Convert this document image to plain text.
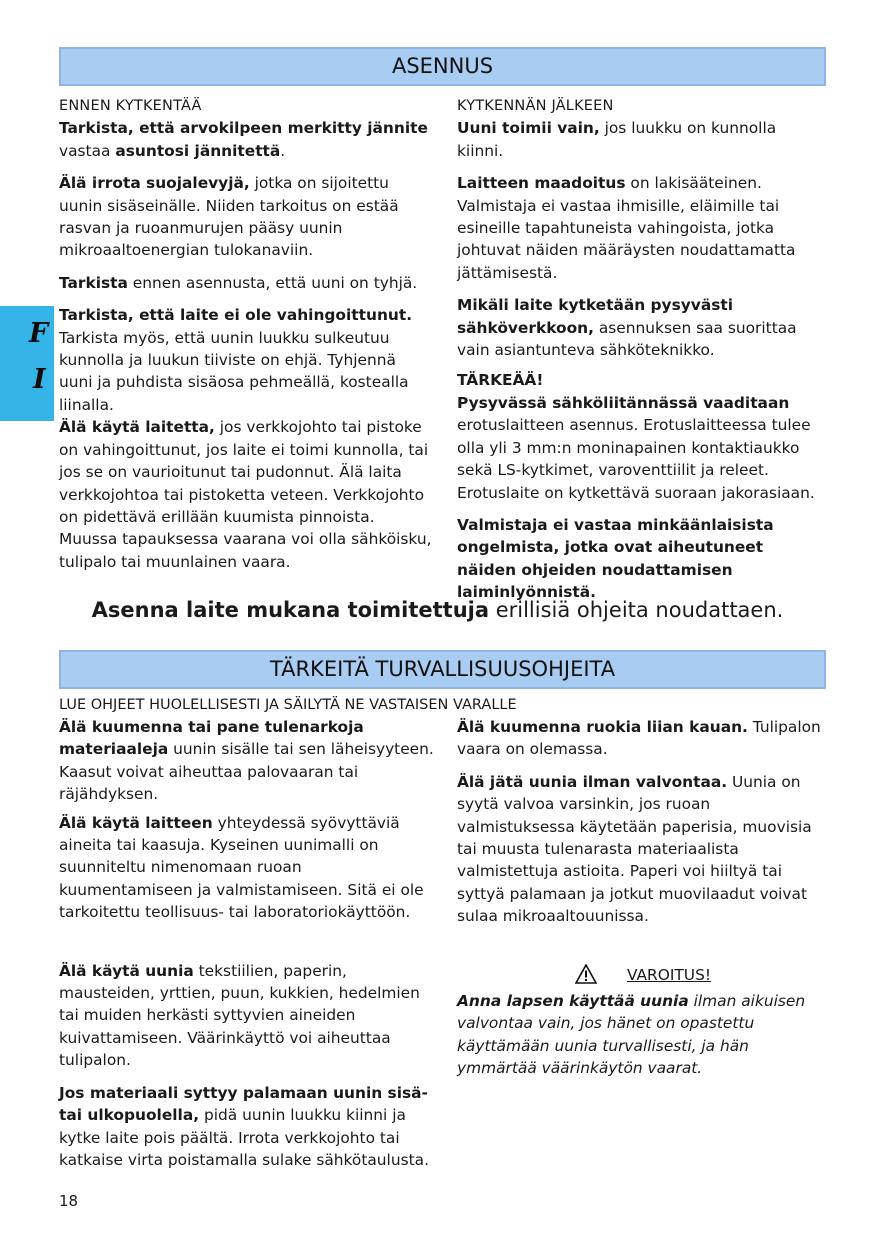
ASENNUS

ENNEN KYTKENTÄÄ

Tarkista, että arvokilpeen merkitty jännite
vastaa asuntosi jännitettä.

Älä irrota suojalevyjä, jotka on sijoitettu uunin sisäseinälle. Niiden tarkoitus on estää rasvan ja ruoanmurujen pääsy uunin mikroaaltoenergian tulokanaviin.

Tarkista ennen asennusta, että uuni on tyhjä.

Tarkista, että laite ei ole vahingoittunut. Tarkista myös, että uunin luukku sulkeutuu kunnolla ja luukun tiiviste on ehjä. Tyhjennä uuni ja puhdista sisäosa pehmeällä, kostealla liinalla.

Älä käytä laitetta, jos verkkojohto tai pistoke on vahingoittunut, jos laite ei toimi kunnolla, tai jos se on vaurioitunut tai pudonnut. Älä laita verkkojohtoa tai pistoketta veteen. Verkkojohto on pidettävä erillään kuumista pinnoista. Muussa tapauksessa vaarana voi olla sähköisku, tulipalo tai muunlainen vaara.

KYTKENNÄN JÄLKEEN

Uuni toimii vain, jos luukku on kunnolla kiinni.

Laitteen maadoitus on lakisääteinen. Valmistaja ei vastaa ihmisille, eläimille tai esineille tapahtuneista vahingoista, jotka johtuvat näiden määräysten noudattamatta jättämisestä.

Mikäli laite kytketään pysyvästi sähköverkkoon, asennuksen saa suorittaa vain asiantunteva sähköteknikko.

TÄRKEÄÄ!

Pysyvässä sähköliitännässä vaaditaan erotuslaitteen asennus. Erotuslaitteessa tulee olla yli 3 mm:n moninapainen kontaktiaukko sekä LS-kytkimet, varoventtiilit ja releet. Erotuslaite on kytkettävä suoraan jakorasiaan.

Valmistaja ei vastaa minkäänlaisista ongelmista, jotka ovat aiheutuneet näiden ohjeiden noudattamisen laiminlyönnistä.

F
I
Asenna laite mukana toimitettuja erillisiä ohjeita noudattaen.
TÄRKEITÄ TURVALLISUUSOHJEITA
LUE OHJEET HUOLELLISESTI JA SÄILYTÄ NE VASTAISEN VARALLE

Älä kuumenna tai pane tulenarkoja materiaaleja uunin sisälle tai sen läheisyyteen. Kaasut voivat aiheuttaa palovaaran tai räjähdyksen.

Älä käytä laitteen yhteydessä syövyttäviä aineita tai kaasuja. Kyseinen uunimalli on suunniteltu nimenomaan ruoan kuumentamiseen ja valmistamiseen. Sitä ei ole tarkoitettu teollisuus- tai laboratoriokäyttöön.

Älä käytä uunia tekstiilien, paperin, mausteiden, yrttien, puun, kukkien, hedelmien tai muiden herkästi syttyvien aineiden kuivattamiseen. Väärinkäyttö voi aiheuttaa tulipalon.

Jos materiaali syttyy palamaan uunin sisä- tai ulkopuolella, pidä uunin luukku kiinni ja kytke laite pois päältä. Irrota verkkojohto tai katkaise virta poistamalla sulake sähkötaulusta.

Älä kuumenna ruokia liian kauan. Tulipalon vaara on olemassa.

Älä jätä uunia ilman valvontaa. Uunia on syytä valvoa varsinkin, jos ruoan valmistuksessa käytetään paperisia, muovisia tai muusta tulenarasta materiaalista valmistettuja astioita. Paperi voi hiiltyä tai syttyä palamaan ja jotkut muovilaadut voivat sulaa mikroaaltouunissa.

VAROITUS!

Anna lapsen käyttää uunia ilman aikuisen valvontaa vain, jos hänet on opastettu käyttämään uunia turvallisesti, ja hän ymmärtää väärinkäytön vaarat.

18
